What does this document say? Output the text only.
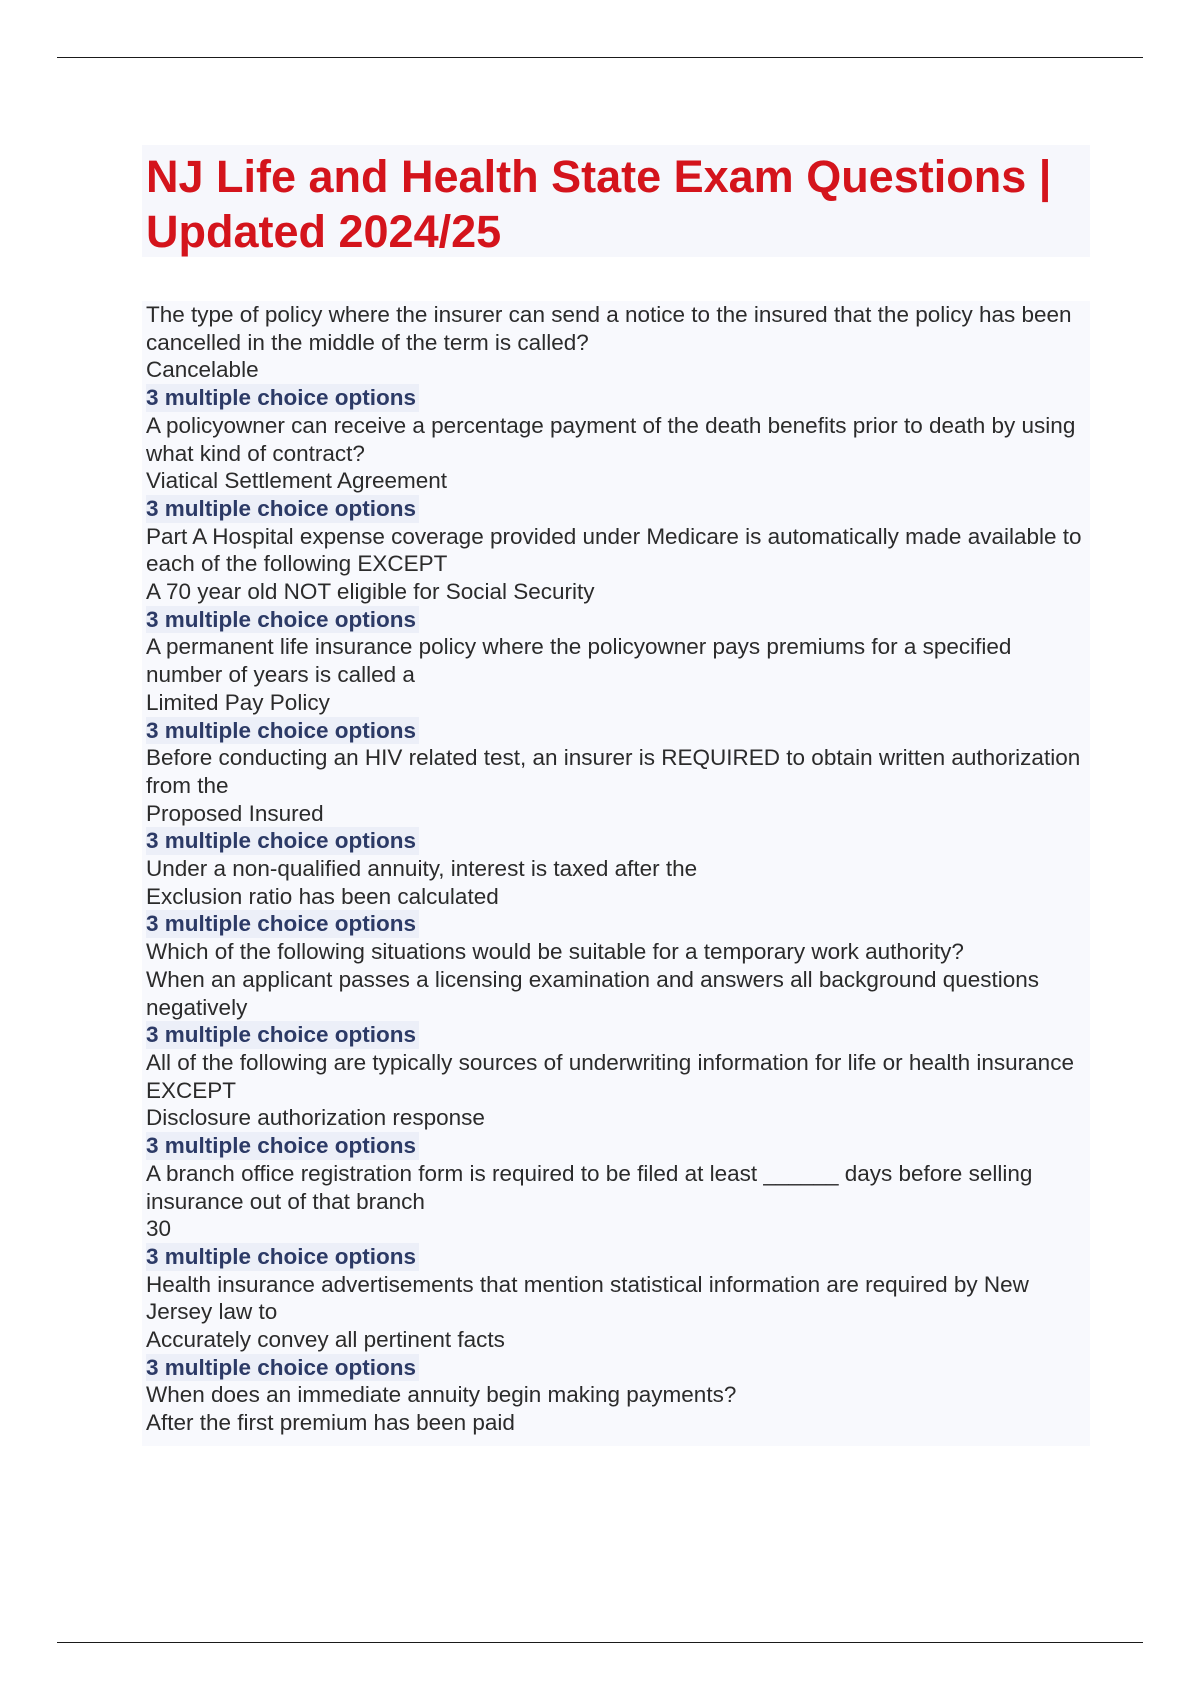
NJ Life and Health State Exam Questions | Updated 2024/25
The type of policy where the insurer can send a notice to the insured that the policy has been cancelled in the middle of the term is called?
Cancelable
3 multiple choice options
A policyowner can receive a percentage payment of the death benefits prior to death by using what kind of contract?
Viatical Settlement Agreement
3 multiple choice options
Part A Hospital expense coverage provided under Medicare is automatically made available to each of the following EXCEPT
A 70 year old NOT eligible for Social Security
3 multiple choice options
A permanent life insurance policy where the policyowner pays premiums for a specified number of years is called a
Limited Pay Policy
3 multiple choice options
Before conducting an HIV related test, an insurer is REQUIRED to obtain written authorization from the
Proposed Insured
3 multiple choice options
Under a non-qualified annuity, interest is taxed after the
Exclusion ratio has been calculated
3 multiple choice options
Which of the following situations would be suitable for a temporary work authority?
When an applicant passes a licensing examination and answers all background questions negatively
3 multiple choice options
All of the following are typically sources of underwriting information for life or health insurance EXCEPT
Disclosure authorization response
3 multiple choice options
A branch office registration form is required to be filed at least ______ days before selling insurance out of that branch
30
3 multiple choice options
Health insurance advertisements that mention statistical information are required by New Jersey law to
Accurately convey all pertinent facts
3 multiple choice options
When does an immediate annuity begin making payments?
After the first premium has been paid
